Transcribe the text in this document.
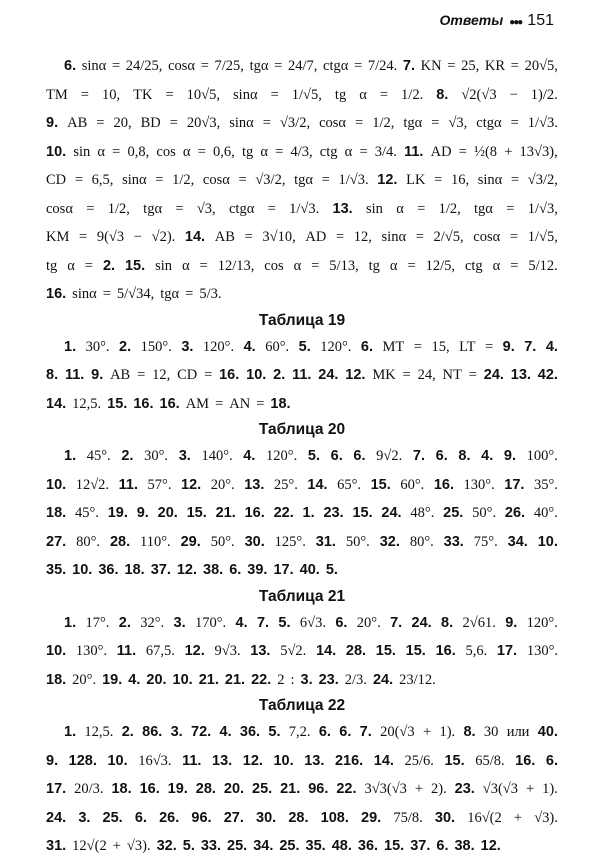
Ответы ●●● 151

6. sinα = 24/25, cosα = 7/25, tgα = 24/7, ctgα = 7/24. 7. KN = 25, KR = 20√5,

TM = 10, TK = 10√5, sinα = 1/√5, tg α = 1/2. 8. √2(√3 − 1)/2.

9. AB = 20, BD = 20√3, sinα = √3/2, cosα = 1/2, tgα = √3, ctgα = 1/√3.

10. sin α = 0,8, cos α = 0,6, tg α = 4/3, ctg α = 3/4. 11. AD = ½(8 + 13√3),

CD = 6,5, sinα = 1/2, cosα = √3/2, tgα = 1/√3. 12. LK = 16, sinα = √3/2,

cosα = 1/2, tgα = √3, ctgα = 1/√3. 13. sin α = 1/2, tgα = 1/√3,

KM = 9(√3 − √2). 14. AB = 3√10, AD = 12, sinα = 2/√5, cosα = 1/√5,

tg α = 2. 15. sin α = 12/13, cos α = 5/13, tg α = 12/5, ctg α = 5/12.

16. sinα = 5/√34, tgα = 5/3.

Таблица 19

1. 30°. 2. 150°. 3. 120°. 4. 60°. 5. 120°. 6. MT = 15, LT = 9. 7. 4.

8. 11. 9. AB = 12, CD = 16. 10. 2. 11. 24. 12. MK = 24, NT = 24. 13. 42.

14. 12,5. 15. 16. 16. AM = AN = 18.

Таблица 20

1. 45°. 2. 30°. 3. 140°. 4. 120°. 5. 6. 6. 9√2. 7. 6. 8. 4. 9. 100°.

10. 12√2. 11. 57°. 12. 20°. 13. 25°. 14. 65°. 15. 60°. 16. 130°. 17. 35°.

18. 45°. 19. 9. 20. 15. 21. 16. 22. 1. 23. 15. 24. 48°. 25. 50°. 26. 40°.

27. 80°. 28. 110°. 29. 50°. 30. 125°. 31. 50°. 32. 80°. 33. 75°. 34. 10.

35. 10. 36. 18. 37. 12. 38. 6. 39. 17. 40. 5.

Таблица 21

1. 17°. 2. 32°. 3. 170°. 4. 7. 5. 6√3. 6. 20°. 7. 24. 8. 2√61. 9. 120°.

10. 130°. 11. 67,5. 12. 9√3. 13. 5√2. 14. 28. 15. 15. 16. 5,6. 17. 130°.

18. 20°. 19. 4. 20. 10. 21. 21. 22. 2 : 3. 23. 2/3. 24. 23/12.

Таблица 22

1. 12,5. 2. 86. 3. 72. 4. 36. 5. 7,2. 6. 6. 7. 20(√3 + 1). 8. 30 или 40.

9. 128. 10. 16√3. 11. 13. 12. 10. 13. 216. 14. 25/6. 15. 65/8. 16. 6.

17. 20/3. 18. 16. 19. 28. 20. 25. 21. 96. 22. 3√3(√3 + 2). 23. √3(√3 + 1).

24. 3. 25. 6. 26. 96. 27. 30. 28. 108. 29. 75/8. 30. 16√(2 + √3).

31. 12√(2 + √3). 32. 5. 33. 25. 34. 25. 35. 48. 36. 15. 37. 6. 38. 12.
